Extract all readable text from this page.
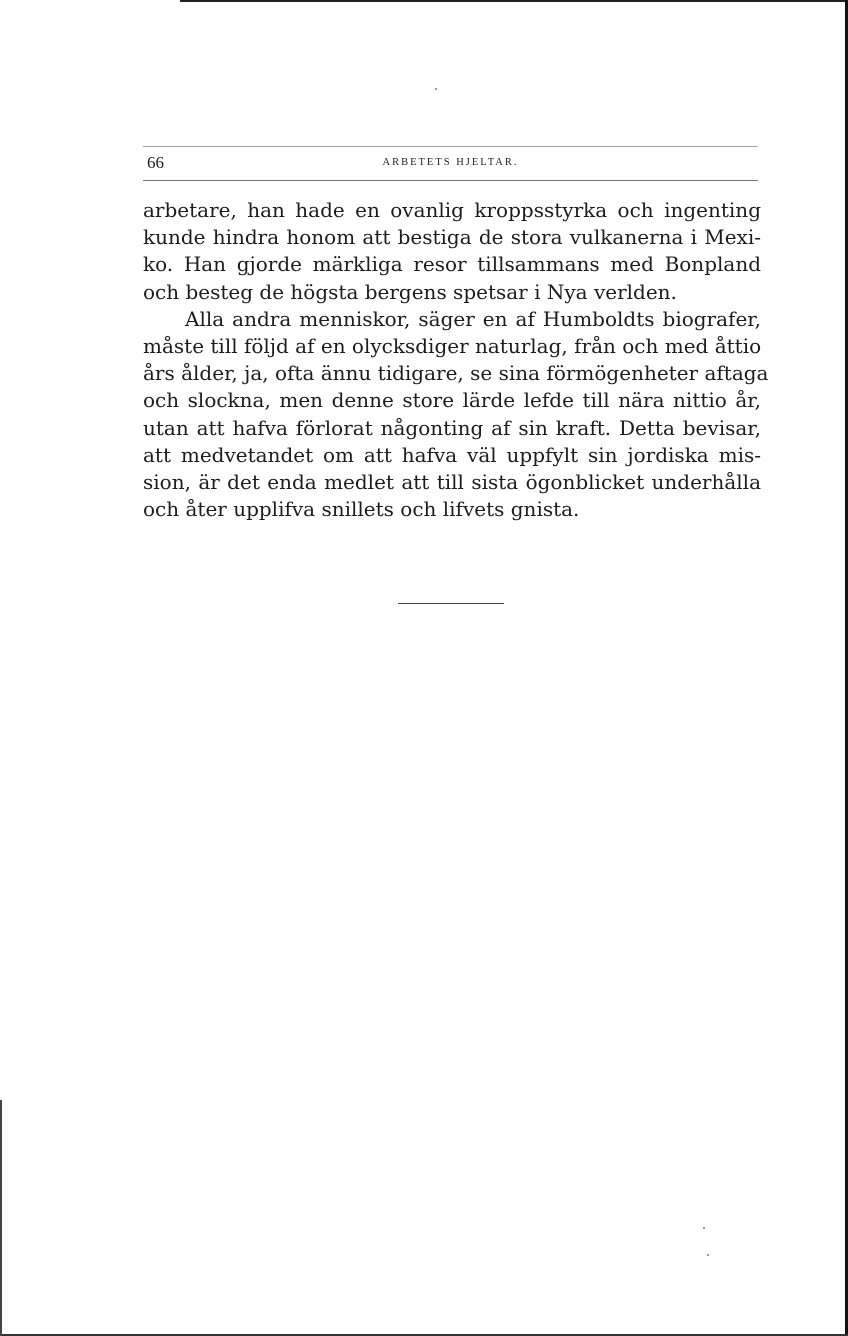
66	ARBETETS HJELTAR.
arbetare, han hade en ovanlig kroppsstyrka och ingenting
kunde hindra honom att bestiga de stora vulkanerna i Mexi-
ko. Han gjorde märkliga resor tillsammans med Bonpland
och besteg de högsta bergens spetsar i Nya verlden.
Alla andra menniskor, säger en af Humboldts biografer,
måste till följd af en olycksdiger naturlag, från och med åttio
års ålder, ja, ofta ännu tidigare, se sina förmögenheter aftaga
och slockna, men denne store lärde lefde till nära nittio år,
utan att hafva förlorat någonting af sin kraft. Detta bevisar,
att medvetandet om att hafva väl uppfylt sin jordiska mis-
sion, är det enda medlet att till sista ögonblicket underhålla
och åter upplifva snillets och lifvets gnista.
